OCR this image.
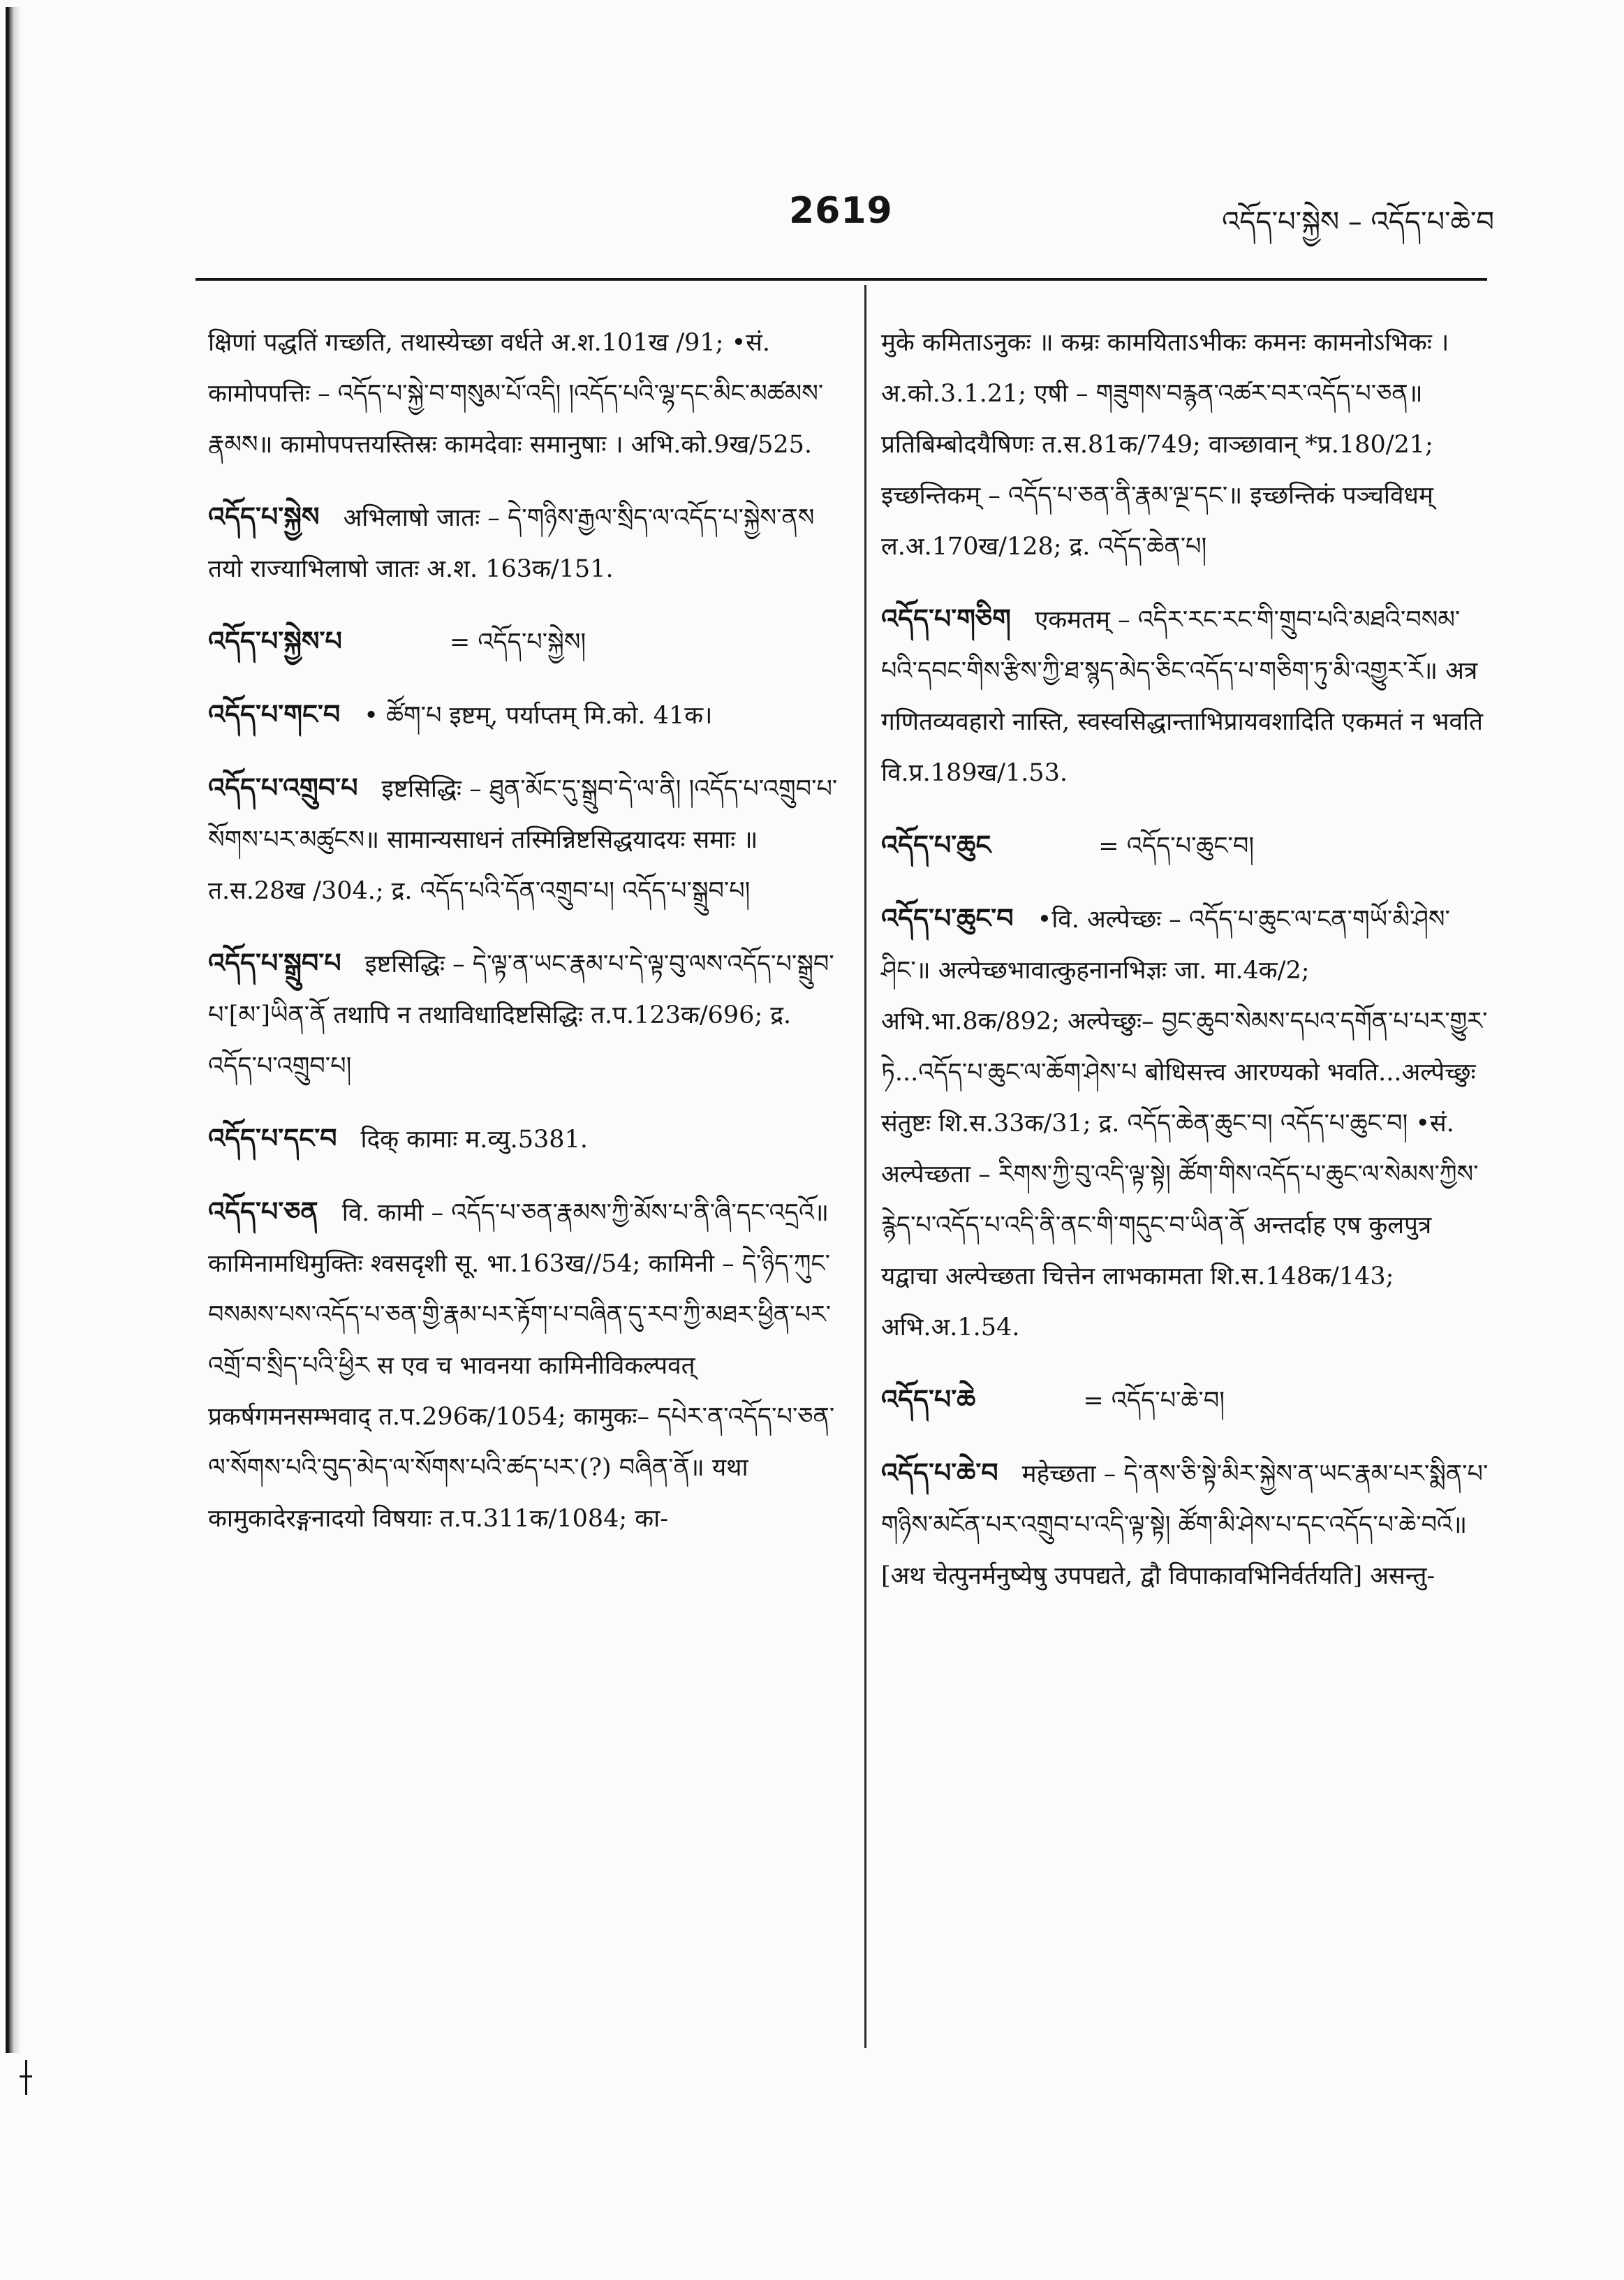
2619	འདོད་པ་སྐྱེས – འདོད་པ་ཆེ་བ

क्षिणां पद्धतिं गच्छति, तथास्येच्छा वर्धते अ.श.101ख /91; •सं. कामोपपत्तिः – འདོད་པ་སྐྱེ་བ་གསུམ་པོ་འདི། །འདོད་པའི་ལྷ་དང་མིང་མཚམས་རྣམས॥ कामोपपत्तयस्तिस्रः कामदेवाः समानुषाः । अभि.को.9ख/525.

འདོད་པ་སྐྱེས अभिलाषो जातः – དེ་གཉིས་རྒྱལ་སྲིད་ལ་འདོད་པ་སྐྱེས་ནས तयो राज्याभिलाषो जातः अ.श. 163क/151.

འདོད་པ་སྐྱེས་པ	= འདོད་པ་སྐྱེས།

འདོད་པ་གང་བ • ཚོག་པ इष्टम्, पर्याप्तम् मि.को. 41क।

འདོད་པ་འགྲུབ་པ इष्टसिद्धिः – ཐུན་མོང་དུ་སྒྲུབ་དེ་ལ་ནི། །འདོད་པ་འགྲུབ་པ་སོགས་པར་མཚུངས॥ सामान्यसाधनं तस्मिन्निष्टसिद्धयादयः समाः ॥ त.स.28ख /304.; द्र. འདོད་པའི་དོན་འགྲུབ་པ། འདོད་པ་སྒྲུབ་པ།

འདོད་པ་སྒྲུབ་པ इष्टसिद्धिः – དེ་ལྟ་ན་ཡང་རྣམ་པ་དེ་ལྟ་བུ་ལས་འདོད་པ་སྒྲུབ་པ་[མ་]ཡིན་ནོ तथापि न तथाविधादिष्टसिद्धिः त.प.123क/696; द्र. འདོད་པ་འགྲུབ་པ།

འདོད་པ་དང་བ दिक् कामाः म.व्यु.5381.

འདོད་པ་ཅན वि. कामी – འདོད་པ་ཅན་རྣམས་ཀྱི་མོས་པ་ནི་ཞི་དང་འདྲའོ॥ कामिनामधिमुक्तिः श्वसदृशी सू. भा.163ख//54; कामिनी – དེ་ཉིད་ཀུང་བསམས་པས་འདོད་པ་ཅན་གྱི་རྣམ་པར་རྟོག་པ་བཞིན་དུ་རབ་ཀྱི་མཐར་ཕྱིན་པར་འགྲོ་བ་སྲིད་པའི་ཕྱིར स एव च भावनया कामिनीविकल्पवत् प्रकर्षगमनसम्भवाद् त.प.296क/1054; कामुकः– དཔེར་ན་འདོད་པ་ཅན་ལ་སོགས་པའི་བུད་མེད་ལ་སོགས་པའི་ཚད་པར་(?) བཞིན་ནོ॥ यथा कामुकादेरङ्गनादयो विषयाः त.प.311क/1084; का-

मुके कमिताऽनुकः ॥ कम्रः कामयिताऽभीकः कमनः कामनोऽभिकः । अ.को.3.1.21; एषी – གཟུགས་བརྙན་འཚར་བར་འདོད་པ་ཅན॥ प्रतिबिम्बोदयैषिणः त.स.81क/749; वाञ्छावान् *प्र.180/21; इच्छन्तिकम् – འདོད་པ་ཅན་ནི་རྣམ་ལྔ་དང་॥ इच्छन्तिकं पञ्चविधम् ल.अ.170ख/128; द्र. འདོད་ཆེན་པ།

འདོད་པ་གཅིག एकमतम् – འདིར་རང་རང་གི་གྲུབ་པའི་མཐའི་བསམ་པའི་དབང་གིས་རྩིས་ཀྱི་ཐ་སྙད་མེད་ཅིང་འདོད་པ་གཅིག་ཏུ་མི་འགྱུར་རོ॥ अत्र गणितव्यवहारो नास्ति, स्वस्वसिद्धान्ताभिप्रायवशादिति एकमतं न भवति वि.प्र.189ख/1.53.

འདོད་པ་ཆུང	= འདོད་པ་ཆུང་བ།

འདོད་པ་ཆུང་བ •वि. अल्पेच्छः – འདོད་པ་ཆུང་ལ་ངན་གཡོ་མི་ཤེས་ཤིང་॥ अल्पेच्छभावात्कुहनानभिज्ञः जा. मा.4क/2; अभि.भा.8क/892; अल्पेच्छुः– བྱང་ཆུབ་སེམས་དཔའ་དགོན་པ་པར་གྱུར་ཏེ...འདོད་པ་ཆུང་ལ་ཆོག་ཤེས་པ बोधिसत्त्व आरण्यको भवति...अल्पेच्छुः संतुष्टः शि.स.33क/31; द्र. འདོད་ཆེན་ཆུང་བ། འདོད་པ་ཆུང་བ། •सं. अल्पेच्छता – རིགས་ཀྱི་བུ་འདི་ལྟ་སྟེ། ཚོག་གིས་འདོད་པ་ཆུང་ལ་སེམས་ཀྱིས་རྙེད་པ་འདོད་པ་འདི་ནི་ནང་གི་གདུང་བ་ཡིན་ནོ अन्तर्दाह एष कुलपुत्र यद्वाचा अल्पेच्छता चित्तेन लाभकामता शि.स.148क/143; अभि.अ.1.54.

འདོད་པ་ཆེ	= འདོད་པ་ཆེ་བ།

འདོད་པ་ཆེ་བ महेच्छता – དེ་ནས་ཅི་སྟེ་མིར་སྐྱེས་ན་ཡང་རྣམ་པར་སྨིན་པ་གཉིས་མངོན་པར་འགྲུབ་པ་འདི་ལྟ་སྟེ། ཚོག་མི་ཤེས་པ་དང་འདོད་པ་ཆེ་བའོ॥ [अथ चेत्पुनर्मनुष्येषु उपपद्यते, द्वौ विपाकावभिनिर्वर्तयति] असन्तु-
